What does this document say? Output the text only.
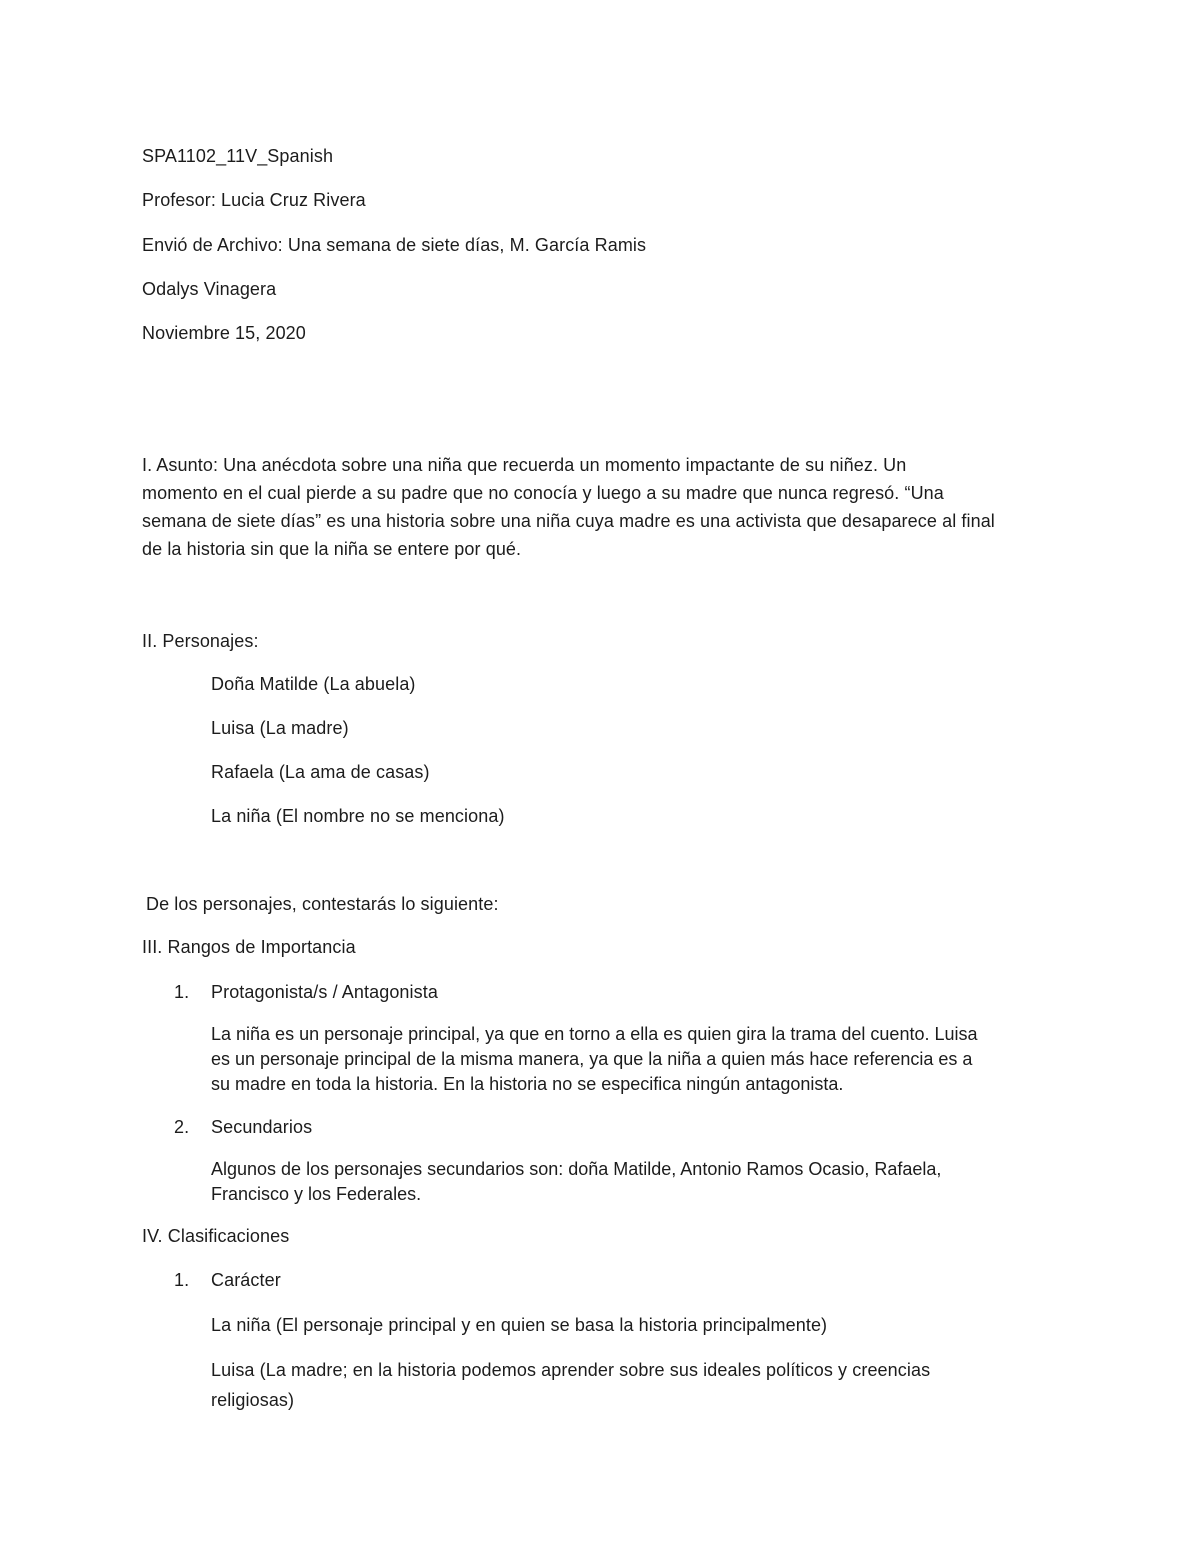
SPA1102_11V_Spanish
Profesor: Lucia Cruz Rivera
Envió de Archivo: Una semana de siete días, M. García Ramis
Odalys Vinagera
Noviembre 15, 2020
I. Asunto: Una anécdota sobre una niña que recuerda un momento impactante de su niñez. Un
momento en el cual pierde a su padre que no conocía y luego a su madre que nunca regresó. “Una
semana de siete días” es una historia sobre una niña cuya madre es una activista que desaparece al final
de la historia sin que la niña se entere por qué.
II. Personajes:
Doña Matilde (La abuela)
Luisa (La madre)
Rafaela (La ama de casas)
La niña (El nombre no se menciona)
De los personajes, contestarás lo siguiente:
III. Rangos de Importancia
1. Protagonista/s / Antagonista
La niña es un personaje principal, ya que en torno a ella es quien gira la trama del cuento. Luisa
es un personaje principal de la misma manera, ya que la niña a quien más hace referencia es a
su madre en toda la historia. En la historia no se especifica ningún antagonista.
2. Secundarios
Algunos de los personajes secundarios son: doña Matilde, Antonio Ramos Ocasio, Rafaela,
Francisco y los Federales.
IV. Clasificaciones
1. Carácter
La niña (El personaje principal y en quien se basa la historia principalmente)
Luisa (La madre; en la historia podemos aprender sobre sus ideales políticos y creencias
religiosas)
